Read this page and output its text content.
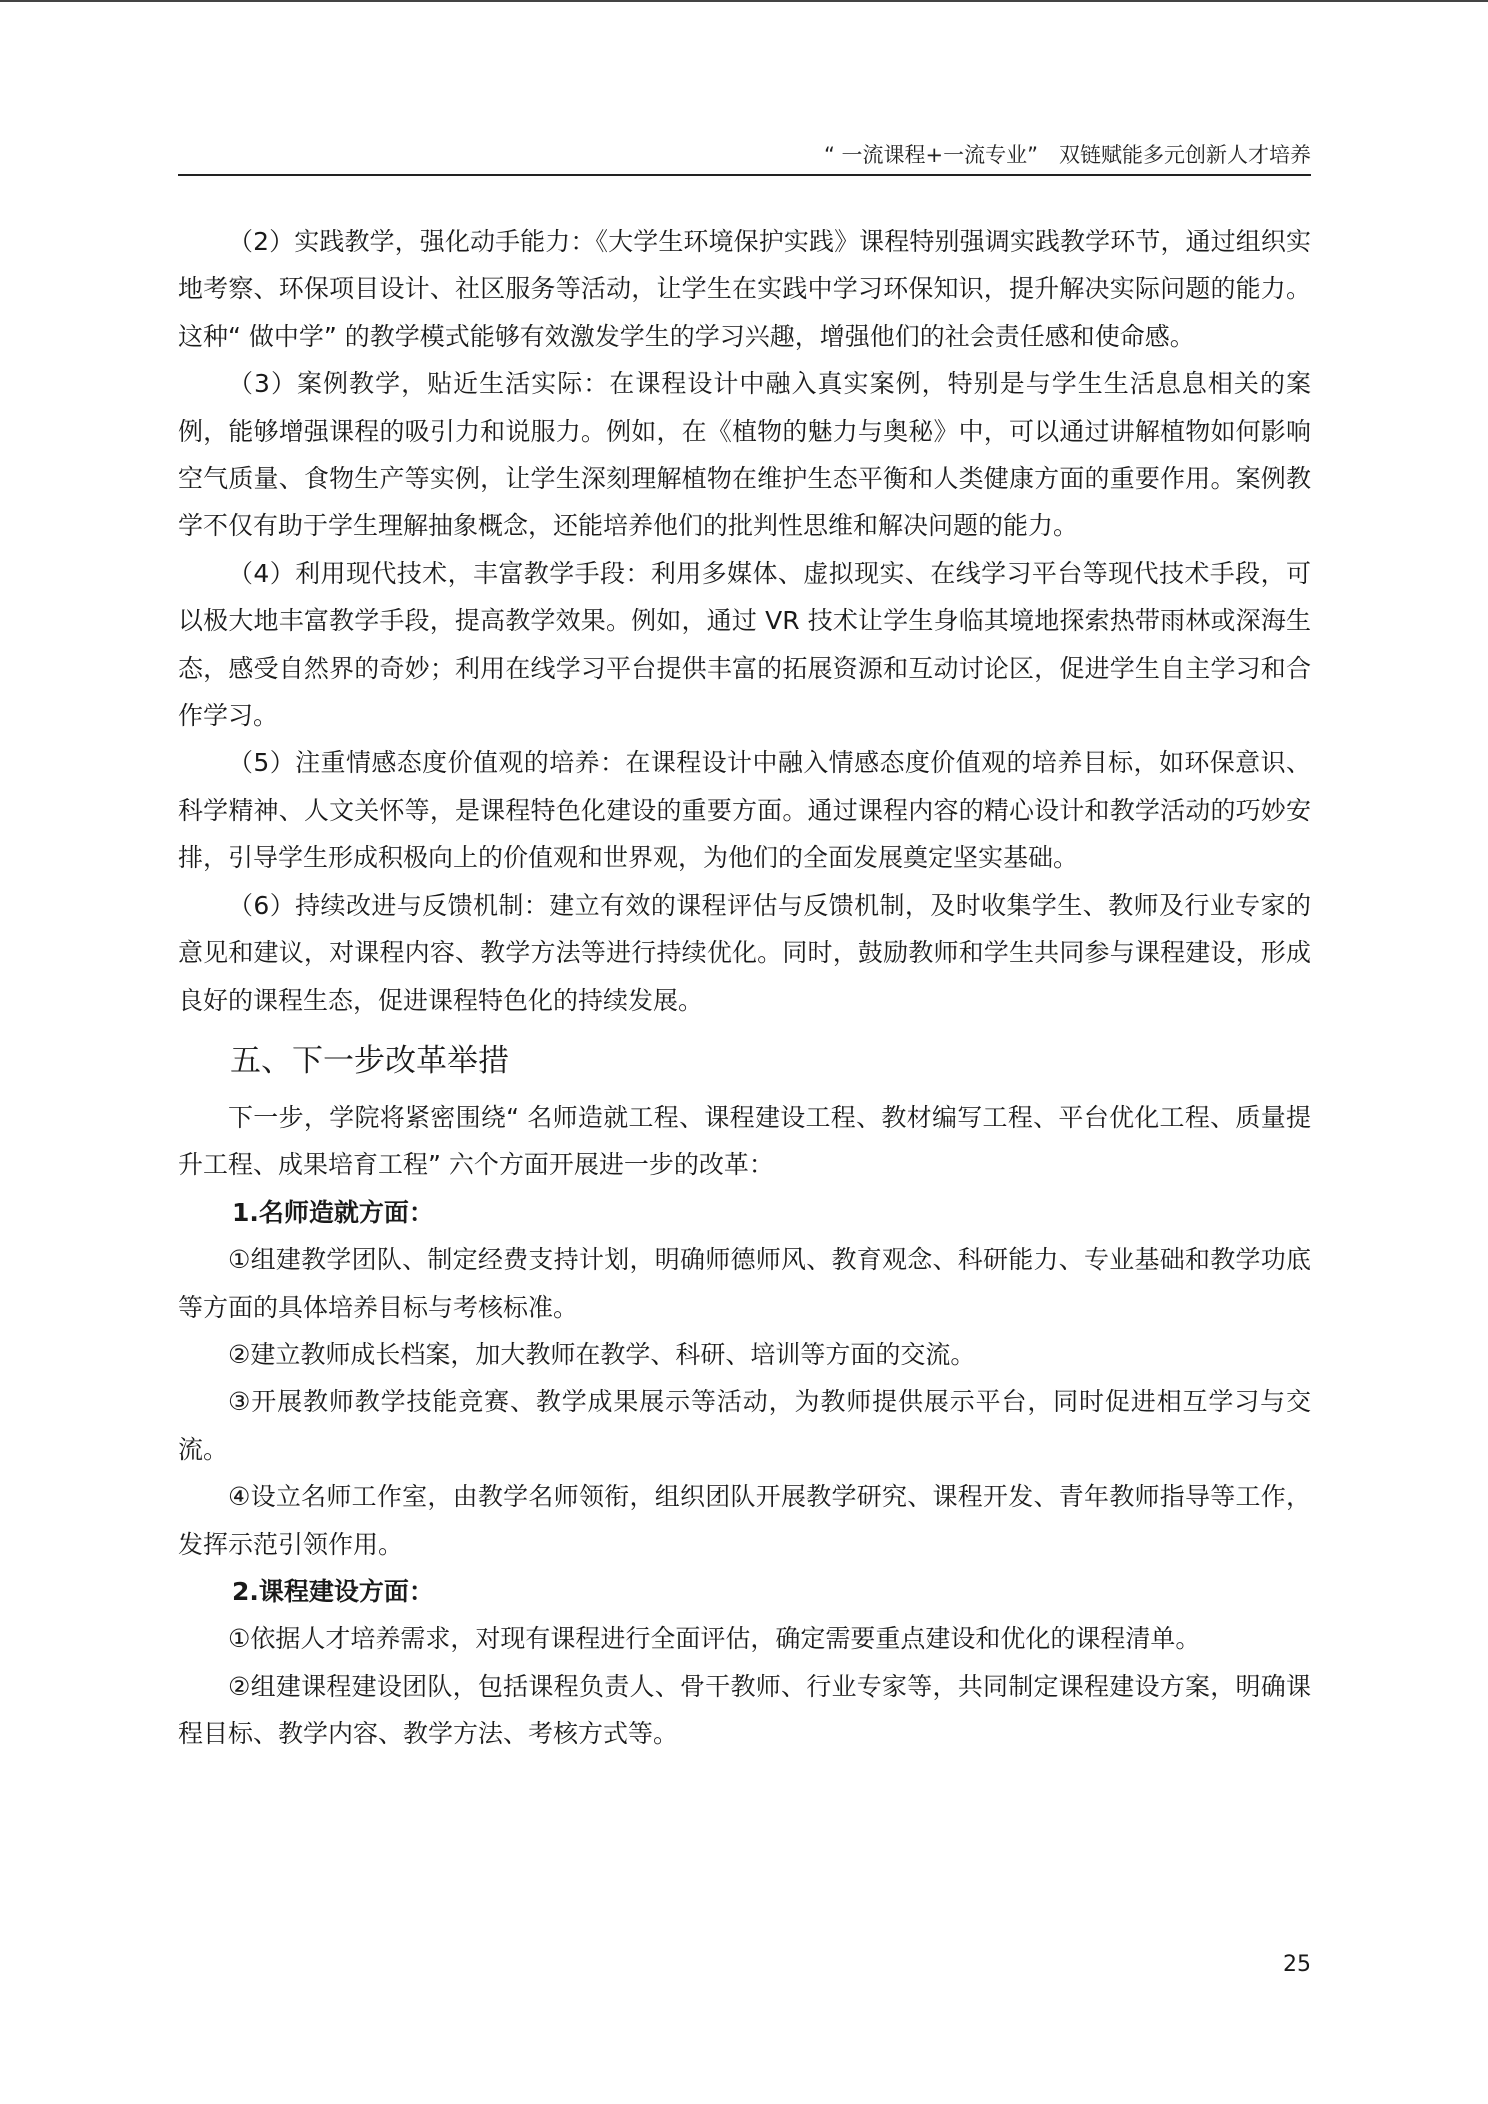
“ 一流课程+一流专业”　双链赋能多元创新人才培养

（2）实践教学，强化动手能力：《大学生环境保护实践》课程特别强调实践教学环节，通过组织实地考察、环保项目设计、社区服务等活动，让学生在实践中学习环保知识，提升解决实际问题的能力。这种“ 做中学” 的教学模式能够有效激发学生的学习兴趣，增强他们的社会责任感和使命感。

（3）案例教学，贴近生活实际：在课程设计中融入真实案例，特别是与学生生活息息相关的案例，能够增强课程的吸引力和说服力。例如，在《植物的魅力与奥秘》中，可以通过讲解植物如何影响空气质量、食物生产等实例，让学生深刻理解植物在维护生态平衡和人类健康方面的重要作用。案例教学不仅有助于学生理解抽象概念，还能培养他们的批判性思维和解决问题的能力。

（4）利用现代技术，丰富教学手段：利用多媒体、虚拟现实、在线学习平台等现代技术手段，可以极大地丰富教学手段，提高教学效果。例如，通过 VR 技术让学生身临其境地探索热带雨林或深海生态，感受自然界的奇妙；利用在线学习平台提供丰富的拓展资源和互动讨论区，促进学生自主学习和合作学习。

（5）注重情感态度价值观的培养：在课程设计中融入情感态度价值观的培养目标，如环保意识、科学精神、人文关怀等，是课程特色化建设的重要方面。通过课程内容的精心设计和教学活动的巧妙安排，引导学生形成积极向上的价值观和世界观，为他们的全面发展奠定坚实基础。

（6）持续改进与反馈机制：建立有效的课程评估与反馈机制，及时收集学生、教师及行业专家的意见和建议，对课程内容、教学方法等进行持续优化。同时，鼓励教师和学生共同参与课程建设，形成良好的课程生态，促进课程特色化的持续发展。

五、下一步改革举措

下一步，学院将紧密围绕“ 名师造就工程、课程建设工程、教材编写工程、平台优化工程、质量提升工程、成果培育工程” 六个方面开展进一步的改革：

1.名师造就方面：

①组建教学团队、制定经费支持计划，明确师德师风、教育观念、科研能力、专业基础和教学功底等方面的具体培养目标与考核标准。

②建立教师成长档案，加大教师在教学、科研、培训等方面的交流。

③开展教师教学技能竞赛、教学成果展示等活动，为教师提供展示平台，同时促进相互学习与交流。

④设立名师工作室，由教学名师领衔，组织团队开展教学研究、课程开发、青年教师指导等工作，发挥示范引领作用。

2.课程建设方面：

①依据人才培养需求，对现有课程进行全面评估，确定需要重点建设和优化的课程清单。

②组建课程建设团队，包括课程负责人、骨干教师、行业专家等，共同制定课程建设方案，明确课程目标、教学内容、教学方法、考核方式等。

25
